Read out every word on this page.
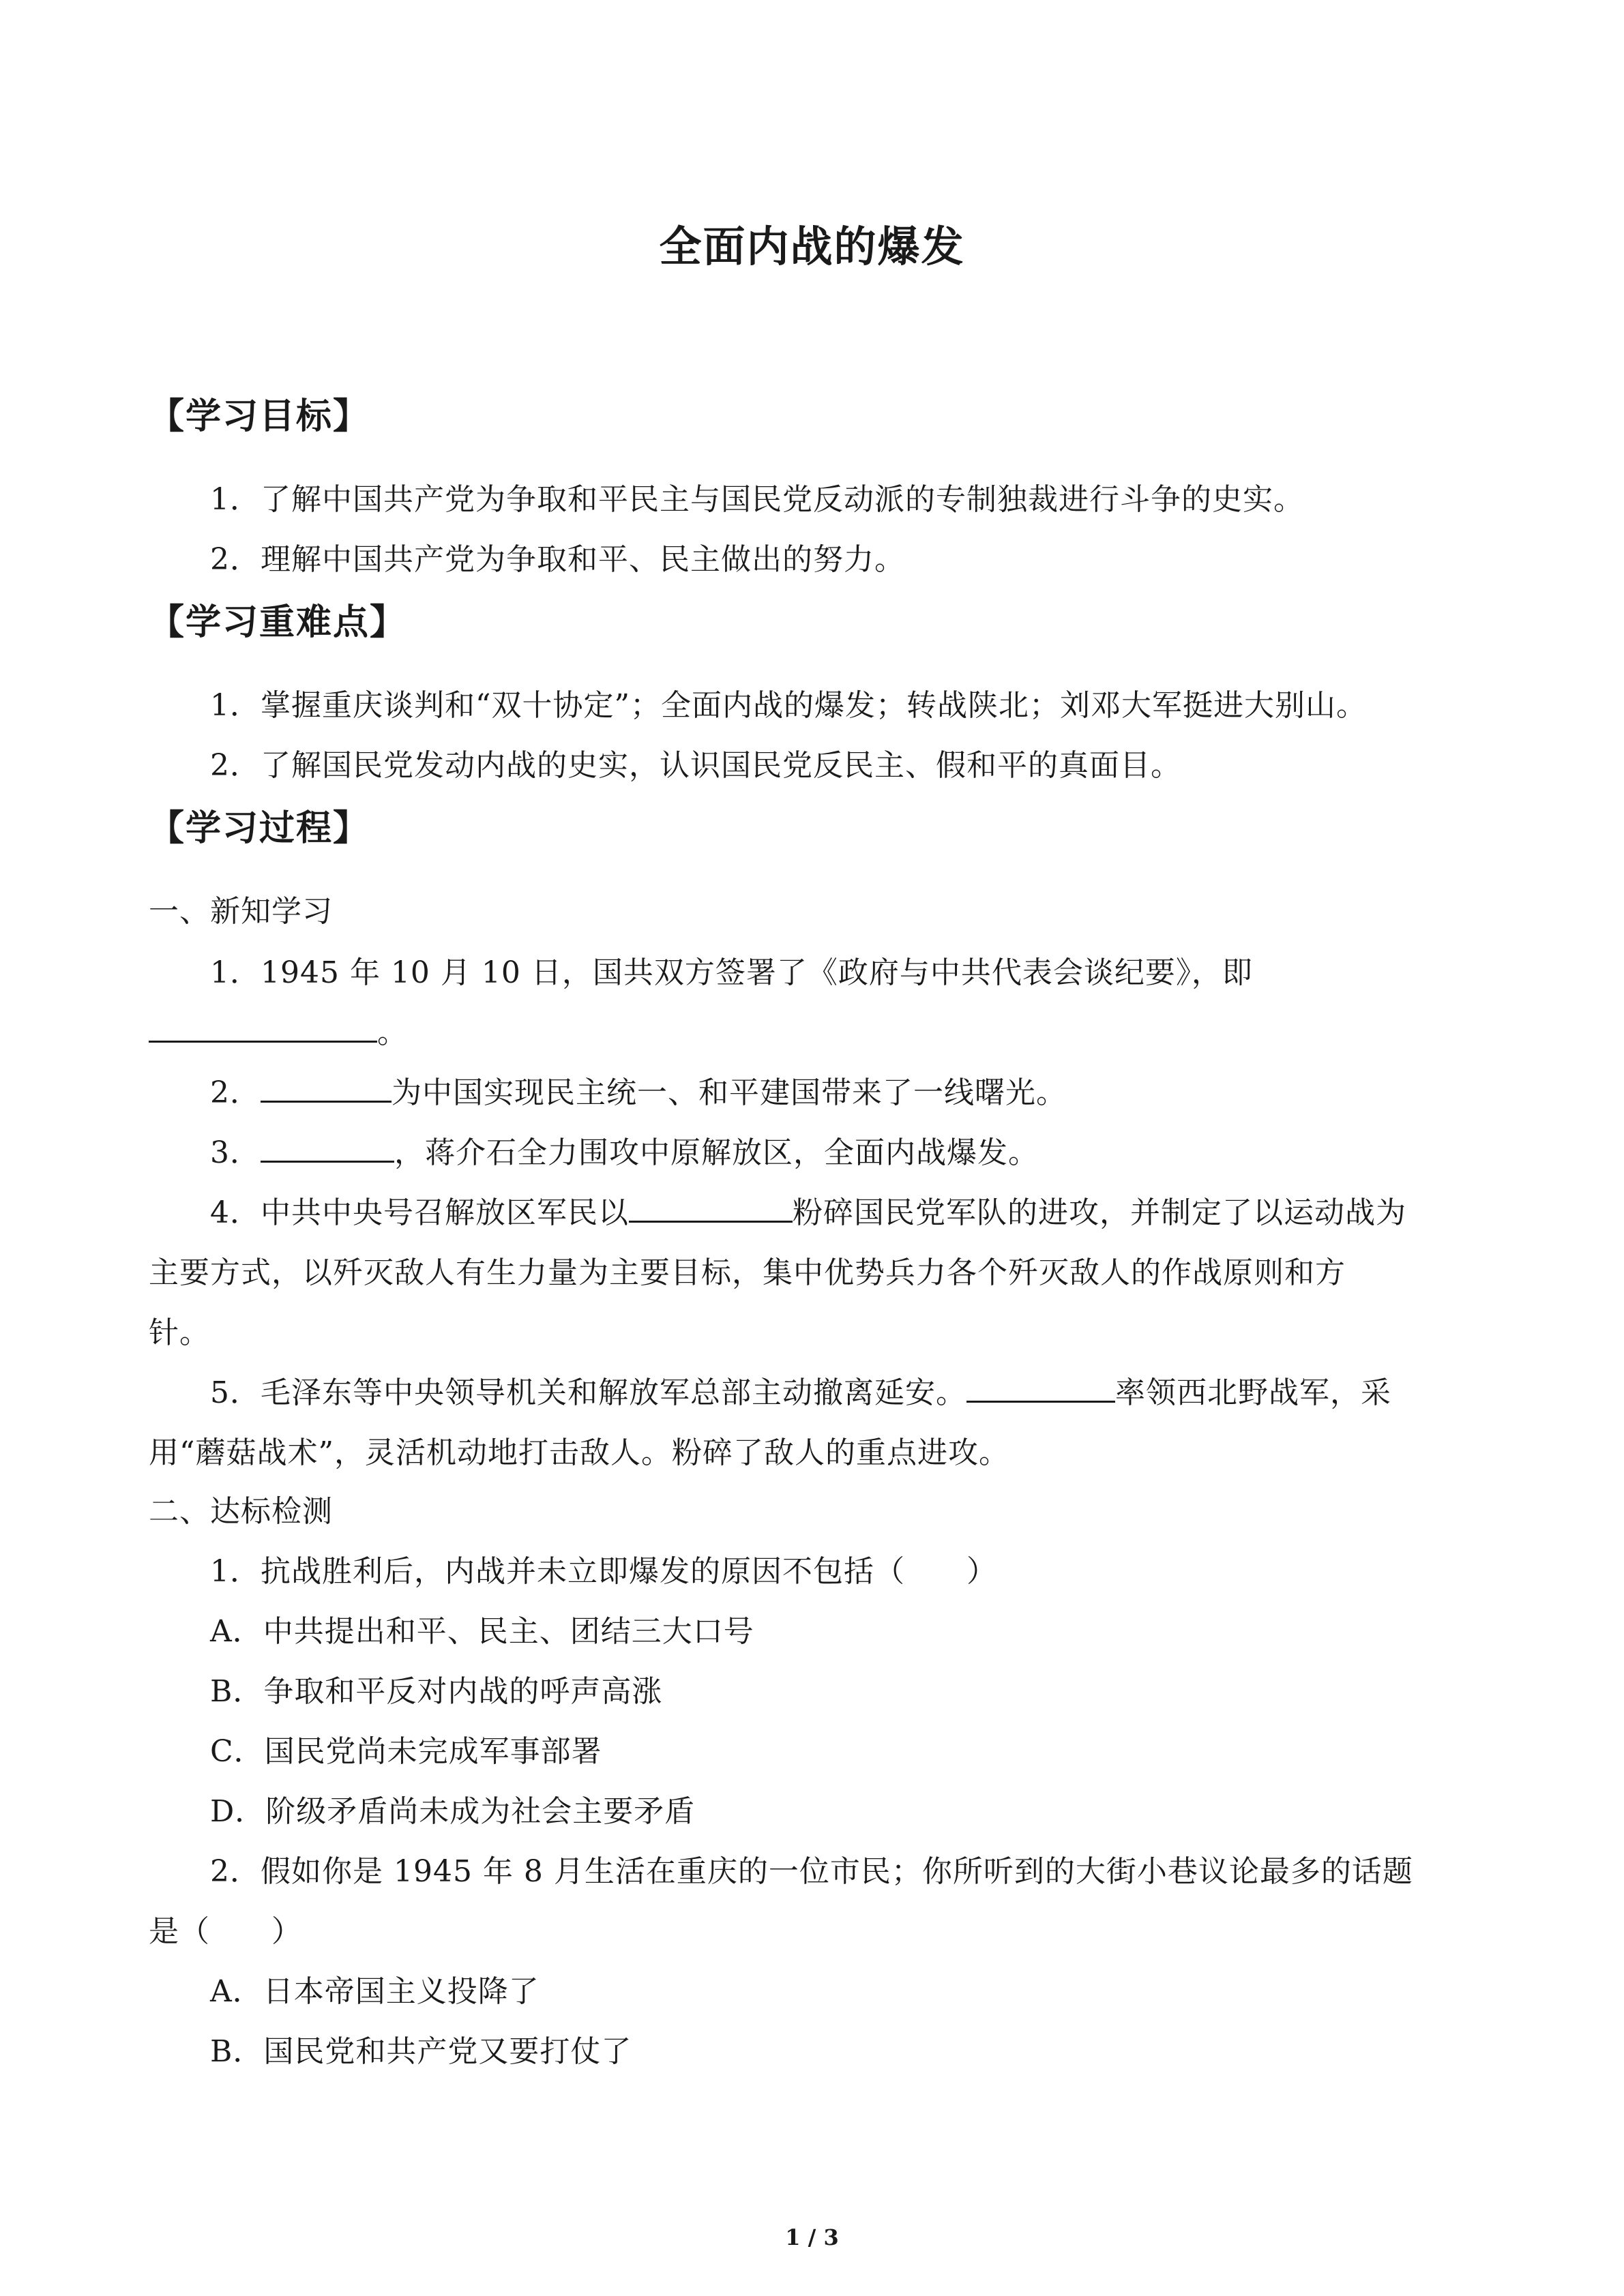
全面内战的爆发
【学习目标】
1．了解中国共产党为争取和平民主与国民党反动派的专制独裁进行斗争的史实。
2．理解中国共产党为争取和平、民主做出的努力。
【学习重难点】
1．掌握重庆谈判和“双十协定”；全面内战的爆发；转战陕北；刘邓大军挺进大别山。
2．了解国民党发动内战的史实，认识国民党反民主、假和平的真面目。
【学习过程】
一、新知学习
1．1945 年 10 月 10 日，国共双方签署了《政府与中共代表会谈纪要》，即
。
2．	为中国实现民主统一、和平建国带来了一线曙光。
3．	，蒋介石全力围攻中原解放区，全面内战爆发。
4．中共中央号召解放区军民以	粉碎国民党军队的进攻，并制定了以运动战为
主要方式，以歼灭敌人有生力量为主要目标，集中优势兵力各个歼灭敌人的作战原则和方
针。
5．毛泽东等中央领导机关和解放军总部主动撤离延安。	率领西北野战军，采
用“蘑菇战术”，灵活机动地打击敌人。粉碎了敌人的重点进攻。
二、达标检测
1．抗战胜利后，内战并未立即爆发的原因不包括（　　）
A．中共提出和平、民主、团结三大口号
B．争取和平反对内战的呼声高涨
C．国民党尚未完成军事部署
D．阶级矛盾尚未成为社会主要矛盾
2．假如你是 1945 年 8 月生活在重庆的一位市民；你所听到的大街小巷议论最多的话题
是（　　）
A．日本帝国主义投降了
B．国民党和共产党又要打仗了
1 / 3
